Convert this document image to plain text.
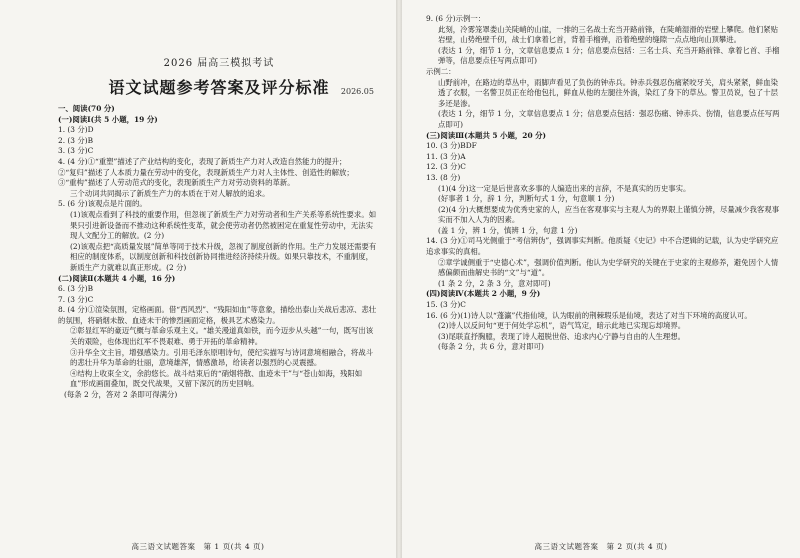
2026 届高三模拟考试
语文试题参考答案及评分标准 2026.05

一、阅读(70 分)

(一)阅读Ⅰ(共 5 小题，19 分)

1. (3 分)D

2. (3 分)B

3. (3 分)C

4. (4 分)①“重塑”描述了产业结构的变化，表现了新质生产力对人改造自然能力的提升；

②“复归”描述了人本质力量在劳动中的变化，表现新质生产力对人主体性、创造性的解放；

③“重构”描述了人劳动范式的变化，表现新质生产力对劳动资料的革新。

三个动词共同揭示了新质生产力的本质在于对人解放的追求。

5. (6 分)该观点是片面的。

(1)该观点看到了科技的重要作用，但忽视了新质生产力对劳动者和生产关系等系统性要求。如果只引进新设备而不推动这种系统性变革，就会使劳动者仍然被困定在重复性劳动中，无法实现人文配分工的解放。(2 分)

(2)该观点把“高质量发展”简单等同于技术升级，忽视了制度创新的作用。生产力发展还需要有相应的制度体系，以制度创新和科技创新协同推进经济持续升级。如果只靠技术，不重制度，新质生产力就难以真正形成。(2 分)

(二)阅读Ⅱ(本题共 4 小题，16 分)

6. (3 分)B

7. (3 分)C

8. (4 分)①渲染氛围，定格画面。借“西风烈”、“残阳如血”等意象，描绘出泰山关战后悲凉、悲壮的氛围，将硝烟未散、血迹未干的惨烈画面定格，极具艺术感染力。

②彰显红军的豪迈气概与革命乐观主义。“雄关漫道真如铁，而今迈步从头越”一句，既写出该关的艰险，也体现出红军不畏艰难、勇于开拓的革命精神。

③升华全文主旨，增强感染力。引用毛泽东原唱诗句，使纪实描写与诗词意境相融合，将战斗的悲壮升华为革命的壮丽，意境雄浑，情感激昂，给读者以强烈的心灵震撼。

④结构上收束全文，余韵悠长。战斗结束后的“硝烟将散、血迹未干”与“苍山如海，残阳如血”形成画面叠加，既交代战果，又留下深沉的历史回响。

(每条 2 分，答对 2 条即可得满分)

高三语文试题答案　第 1 页(共 4 页)

9. (6 分)示例一：

此刻，冷雾笼罩娄山关陡峭的山崖，一排的三名战士充当开路前锋，在陡峭湿滑的岩壁上攀爬。他们紧贴岩壁，山势绝壁千仞，战士们拿着匕首，背着手榴弹，沿着绝壁的缝隙一点点地向山顶攀进。

(表达 1 分，细节 1 分，文章信息要点 1 分；信息要点包括：三名士兵、充当开路前锋、拿着匕首、手榴弹等，信息要点任写两点即可)

示例二：

山野前冲，在路边的草丛中，雨脚声看见了负伤的钟赤兵。钟赤兵强忍伤痛紧咬牙关，肩头紧紧，鲜血染透了衣服，一名警卫员正在给他包扎，鲜血从他的左腿往外淌，染红了身下的草丛。警卫员说，包了十层多还是渗。

(表达 1 分，细节 1 分，文章信息要点 1 分；信息要点包括：强忍伤痛、钟赤兵、伤情，信息要点任写两点即可)

(三)阅读Ⅲ(本题共 5 小题，20 分)

10. (3 分)BDF

11. (3 分)A

12. (3 分)C

13. (8 分)

(1)(4 分)这一定是后世喜欢多事的人编造出来的言辞，不是真实的历史事实。

(好事者 1 分，辞 1 分，判断句式 1 分，句意顺 1 分)

(2)(4 分)大概想要成为优秀史家的人，应当在客观事实与主观人为的界限上谨慎分辨，尽量减少我客观事实而不加入人为的因素。

(盖 1 分，辨 1 分，慎辨 1 分，句意 1 分)

14. (3 分)①司马光侧重于“考信辨伪”，强调事实判断。他质疑《史记》中不合逻辑的记载，认为史学研究应追求事实的真相。

②章学诚侧重于“史德心术”，强调价值判断。他认为史学研究的关键在于史家的主观修养，避免因个人情感偏颇而曲解史书的“文”与“道”。

(1 条 2 分，2 条 3 分，意对即可)

(四)阅读Ⅳ(本题共 2 小题，9 分)

15. (3 分)C

16. (6 分)(1)诗人以“蓬瀛”代指仙境，认为眼前的荆棘瑕乐是仙境，表达了对当下环境的高度认可。

(2)诗人以反问句“更于何处学忘机”，语气笃定，暗示此地已实现忘却境界。

(3)尾联直抒胸臆，表现了诗人超脱世俗、追求内心宁静与自由的人生理想。

(每条 2 分，共 6 分，意对即可)

高三语文试题答案　第 2 页(共 4 页)
